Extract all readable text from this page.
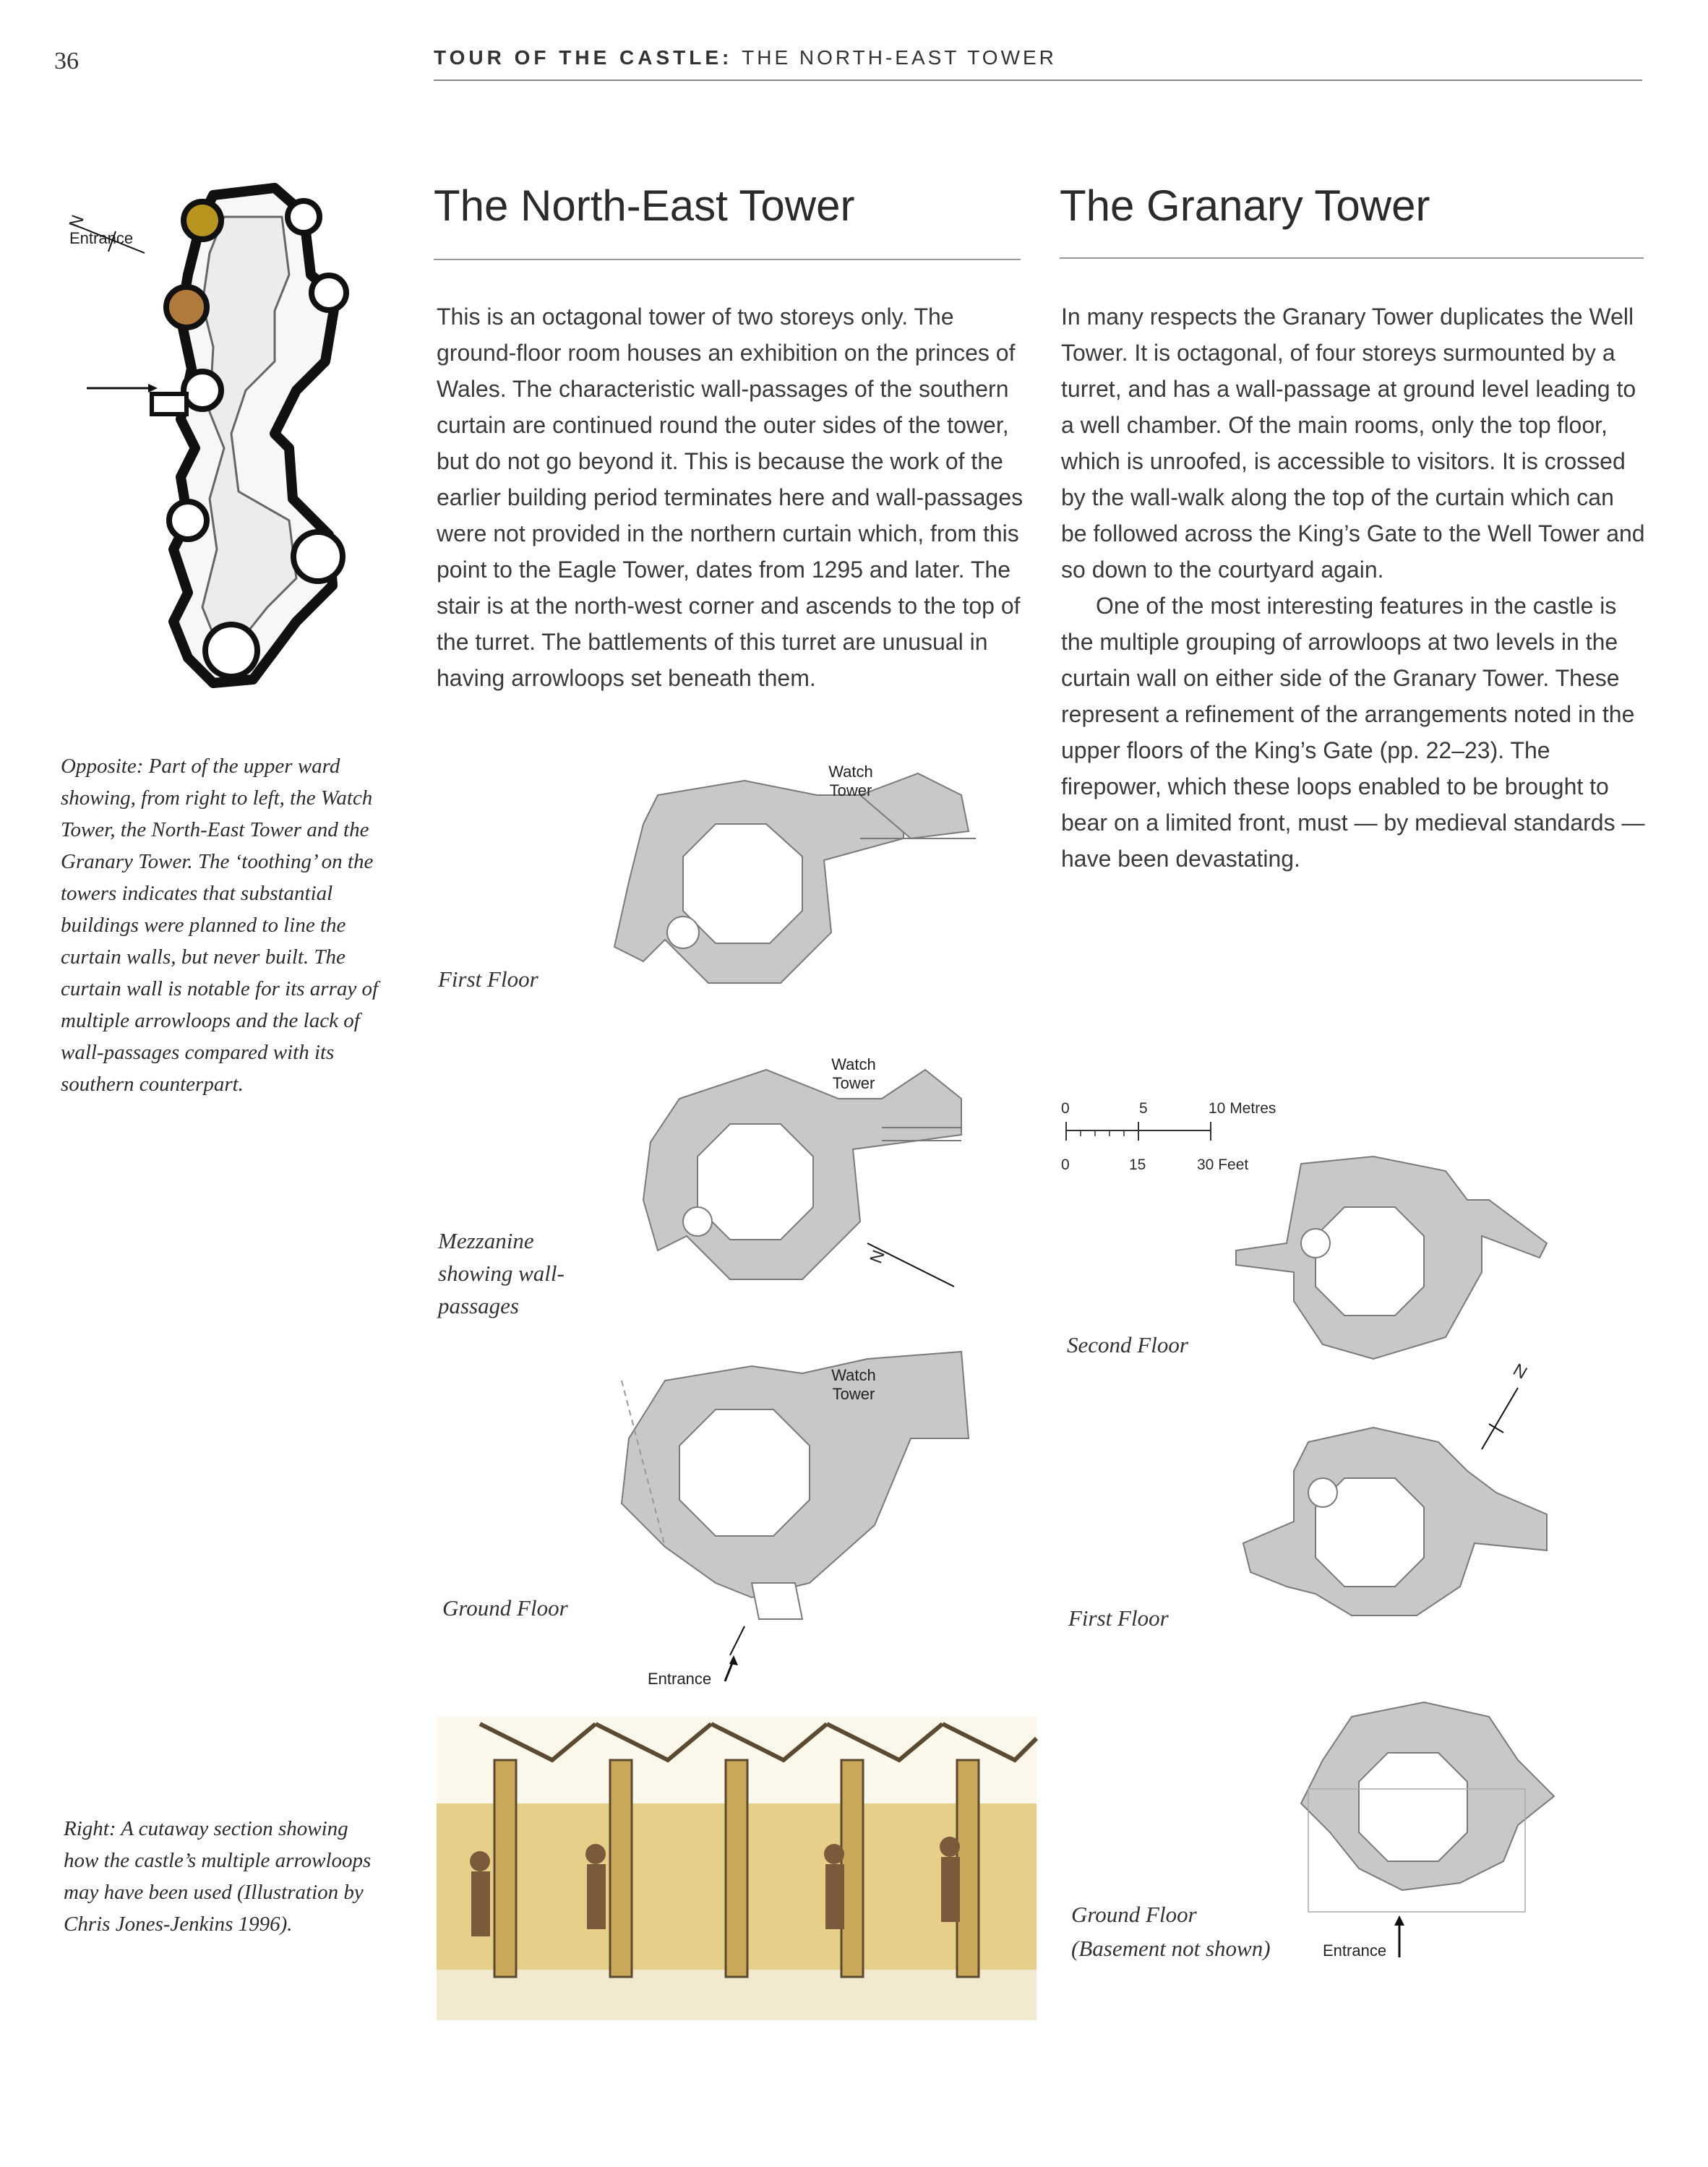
36	TOUR OF THE CASTLE: THE NORTH-EAST TOWER
Entrance
N
Opposite: Part of the upper ward showing, from right to left, the Watch Tower, the North-East Tower and the Granary Tower. The ‘toothing’ on the towers indicates that substantial buildings were planned to line the curtain walls, but never built. The curtain wall is notable for its array of multiple arrowloops and the lack of wall-passages compared with its southern counterpart.
Right: A cutaway section showing how the castle’s multiple arrowloops may have been used (Illustration by Chris Jones-Jenkins 1996).
The North-East Tower
This is an octagonal tower of two storeys only. The ground-floor room houses an exhibition on the princes of Wales. The characteristic wall-passages of the southern curtain are continued round the outer sides of the tower, but do not go beyond it. This is because the work of the earlier building period terminates here and wall-passages were not provided in the northern curtain which, from this point to the Eagle Tower, dates from 1295 and later. The stair is at the north-west corner and ascends to the top of the turret. The battlements of this turret are unusual in having arrowloops set beneath them.
Watch Tower
First Floor
Watch Tower
N
Mezzanine showing wall-passages
Watch Tower
Ground Floor
Entrance
The Granary Tower

In many respects the Granary Tower duplicates the Well Tower. It is octagonal, of four storeys surmounted by a turret, and has a wall-passage at ground level leading to a well chamber. Of the main rooms, only the top floor, which is unroofed, is accessible to visitors. It is crossed by the wall-walk along the top of the curtain which can be followed across the King’s Gate to the Well Tower and so down to the courtyard again.

One of the most interesting features in the castle is the multiple grouping of arrowloops at two levels in the curtain wall on either side of the Granary Tower. These represent a refinement of the arrangements noted in the upper floors of the King’s Gate (pp. 22–23). The firepower, which these loops enabled to be brought to bear on a limited front, must — by medieval standards — have been devastating.

0	5	10 Metres
0	15	30 Feet
Second Floor
N
First Floor
Ground Floor
(Basement not shown)	Entrance
